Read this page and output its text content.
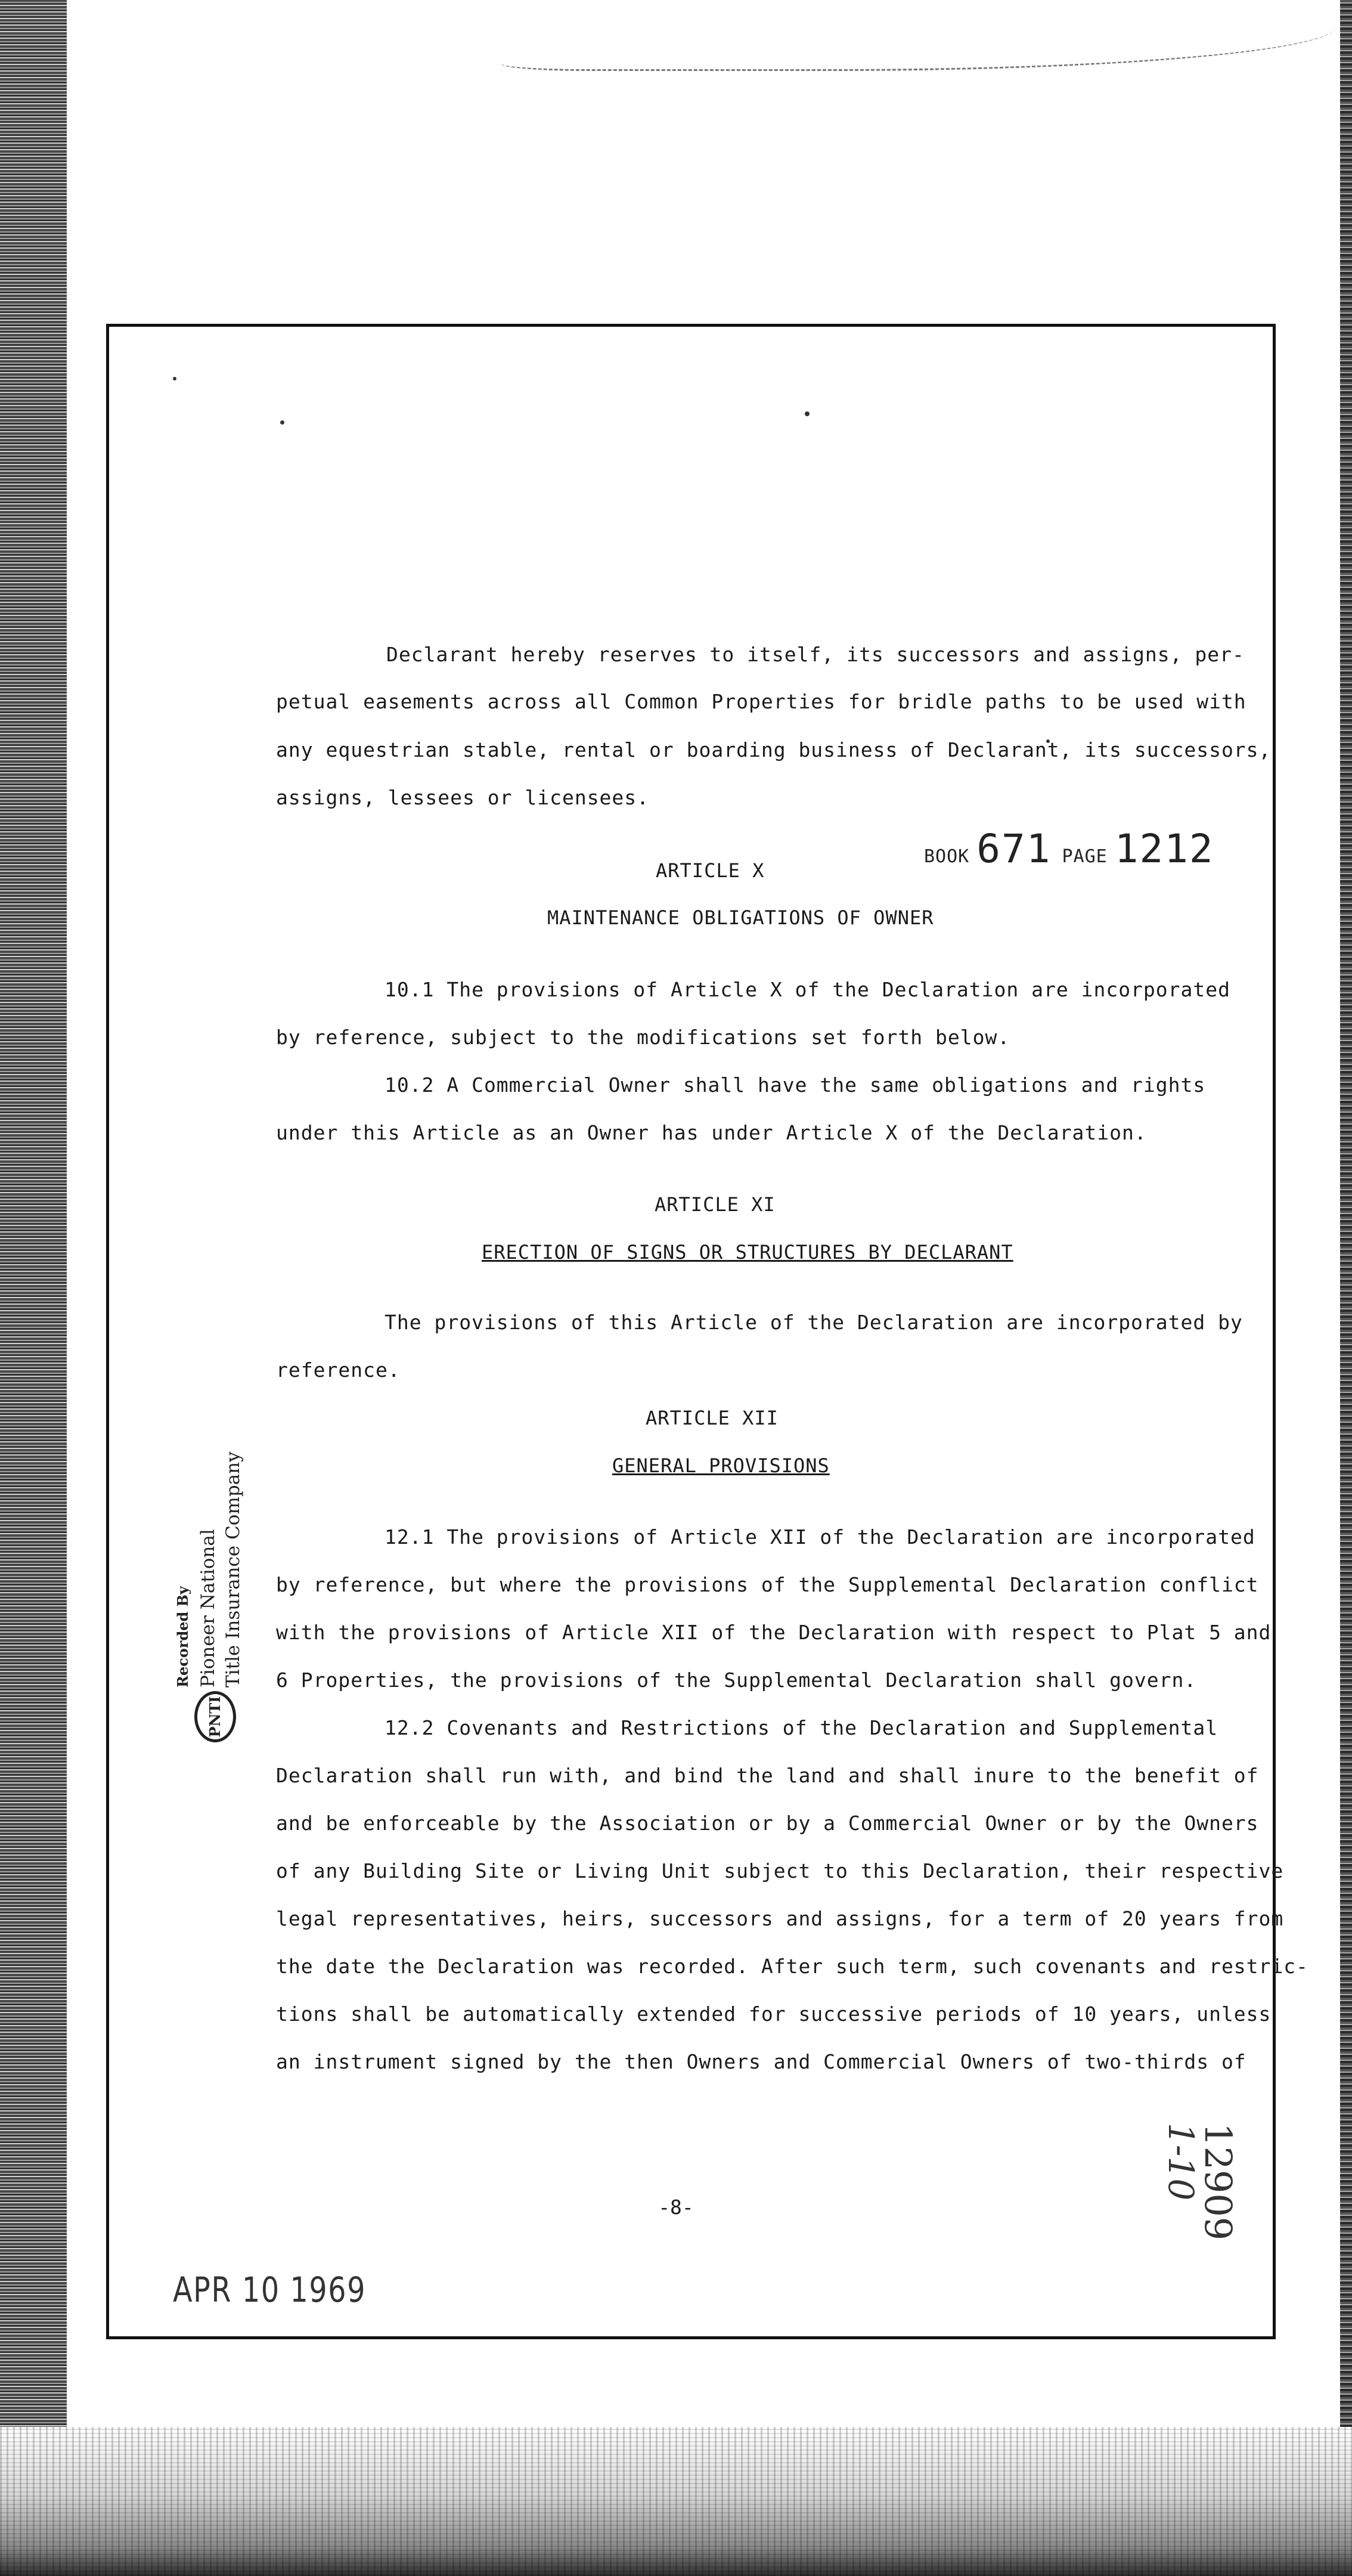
Declarant hereby reserves to itself, its successors and assigns, per-
petual easements across all Common Properties for bridle paths to be used with
any equestrian stable, rental or boarding business of Declarant, its successors,
assigns, lessees or licensees.
BOOK 671 PAGE 1212
ARTICLE X
MAINTENANCE OBLIGATIONS OF OWNER
10.1 The provisions of Article X of the Declaration are incorporated
by reference, subject to the modifications set forth below.
10.2 A Commercial Owner shall have the same obligations and rights
under this Article as an Owner has under Article X of the Declaration.
ARTICLE XI
ERECTION OF SIGNS OR STRUCTURES BY DECLARANT
The provisions of this Article of the Declaration are incorporated by
reference.
ARTICLE XII
GENERAL PROVISIONS
12.1 The provisions of Article XII of the Declaration are incorporated
by reference, but where the provisions of the Supplemental Declaration conflict
with the provisions of Article XII of the Declaration with respect to Plat 5 and
6 Properties, the provisions of the Supplemental Declaration shall govern.
12.2 Covenants and Restrictions of the Declaration and Supplemental
Declaration shall run with, and bind the land and shall inure to the benefit of
and be enforceable by the Association or by a Commercial Owner or by the Owners
of any Building Site or Living Unit subject to this Declaration, their respective
legal representatives, heirs, successors and assigns, for a term of 20 years from
the date the Declaration was recorded. After such term, such covenants and restric-
tions shall be automatically extended for successive periods of 10 years, unless
an instrument signed by the then Owners and Commercial Owners of two-thirds of
-8-
PNTI
Recorded By Pioneer National Title Insurance Company
APR 10 1969
12909
1-10
